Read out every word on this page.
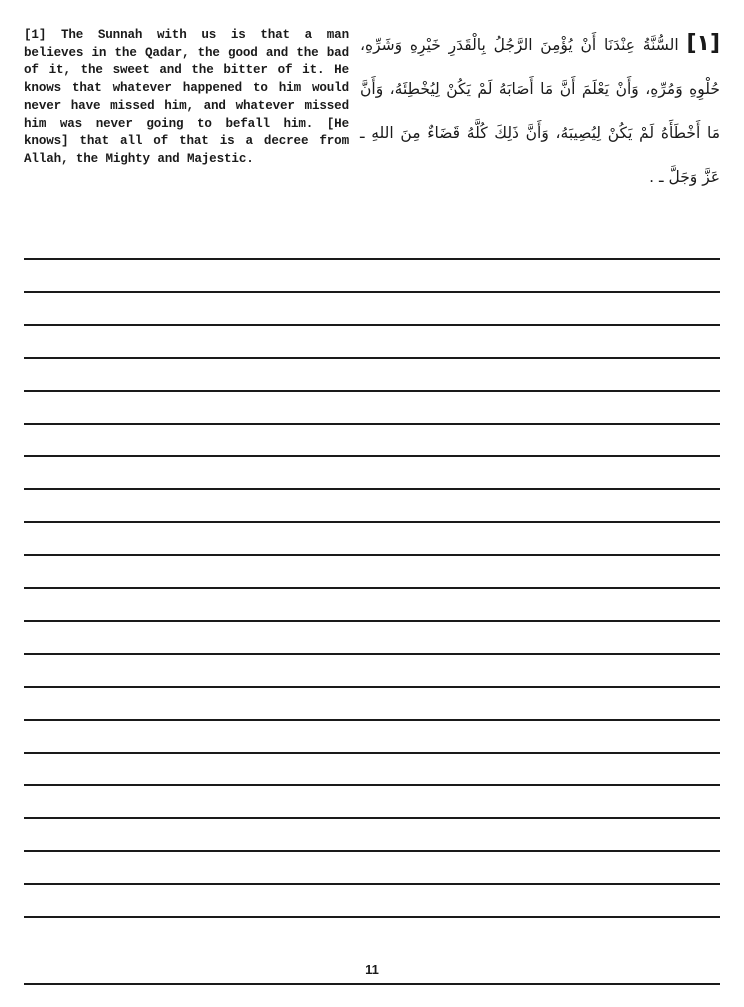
[1] The Sunnah with us is that a man believes in the Qadar, the good and the bad of it, the sweet and the bitter of it. He knows that whatever happened to him would never have missed him, and whatever missed him was never going to befall him. [He knows] that all of that is a decree from Allah, the Mighty and Majestic.
[١] السُّنَّةُ عِنْدَنَا أَنْ يُؤْمِنَ الرَّجُلُ بِالْقَدَرِ خَيْرِهِ وَشَرِّهِ، حُلْوِهِ وَمُرِّهِ، وَأَنْ يَعْلَمَ أَنَّ مَا أَصَابَهُ لَمْ يَكُنْ لِيُخْطِئَهُ، وَأَنَّ مَا أَخْطَأَهُ لَمْ يَكُنْ لِيُصِيبَهُ، وَأَنَّ ذَلِكَ كُلَّهُ قَضَاءٌ مِنَ اللهِ ـ عَزَّ وَجَلَّ ـ .
11
